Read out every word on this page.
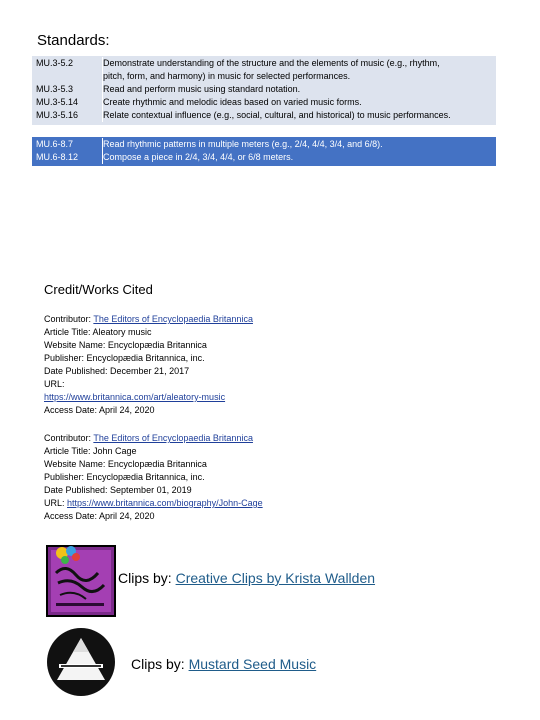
Standards:
MU.3-5.2	Demonstrate understanding of the structure and the elements of music (e.g., rhythm,
pitch, form, and harmony) in music for selected performances.
MU.3-5.3	Read and perform music using standard notation.
MU.3-5.14	Create rhythmic and melodic ideas based on varied music forms.
MU.3-5.16	Relate contextual influence (e.g., social, cultural, and historical) to music performances.
MU.6-8.7	Read rhythmic patterns in multiple meters (e.g., 2/4, 4/4, 3/4, and 6/8).
MU.6-8.12	Compose a piece in 2/4, 3/4, 4/4, or 6/8 meters.
Credit/Works Cited
Contributor: The Editors of Encyclopaedia Britannica
Article Title: Aleatory music
Website Name: Encyclopædia Britannica
Publisher: Encyclopædia Britannica, inc.
Date Published: December 21, 2017
URL:
https://www.britannica.com/art/aleatory-music
Access Date: April 24, 2020
Contributor: The Editors of Encyclopaedia Britannica
Article Title: John Cage
Website Name: Encyclopædia Britannica
Publisher: Encyclopædia Britannica, inc.
Date Published: September 01, 2019
URL: https://www.britannica.com/biography/John-Cage
Access Date: April 24, 2020
Clips by: Creative Clips by Krista Wallden
Clips by: Mustard Seed Music
